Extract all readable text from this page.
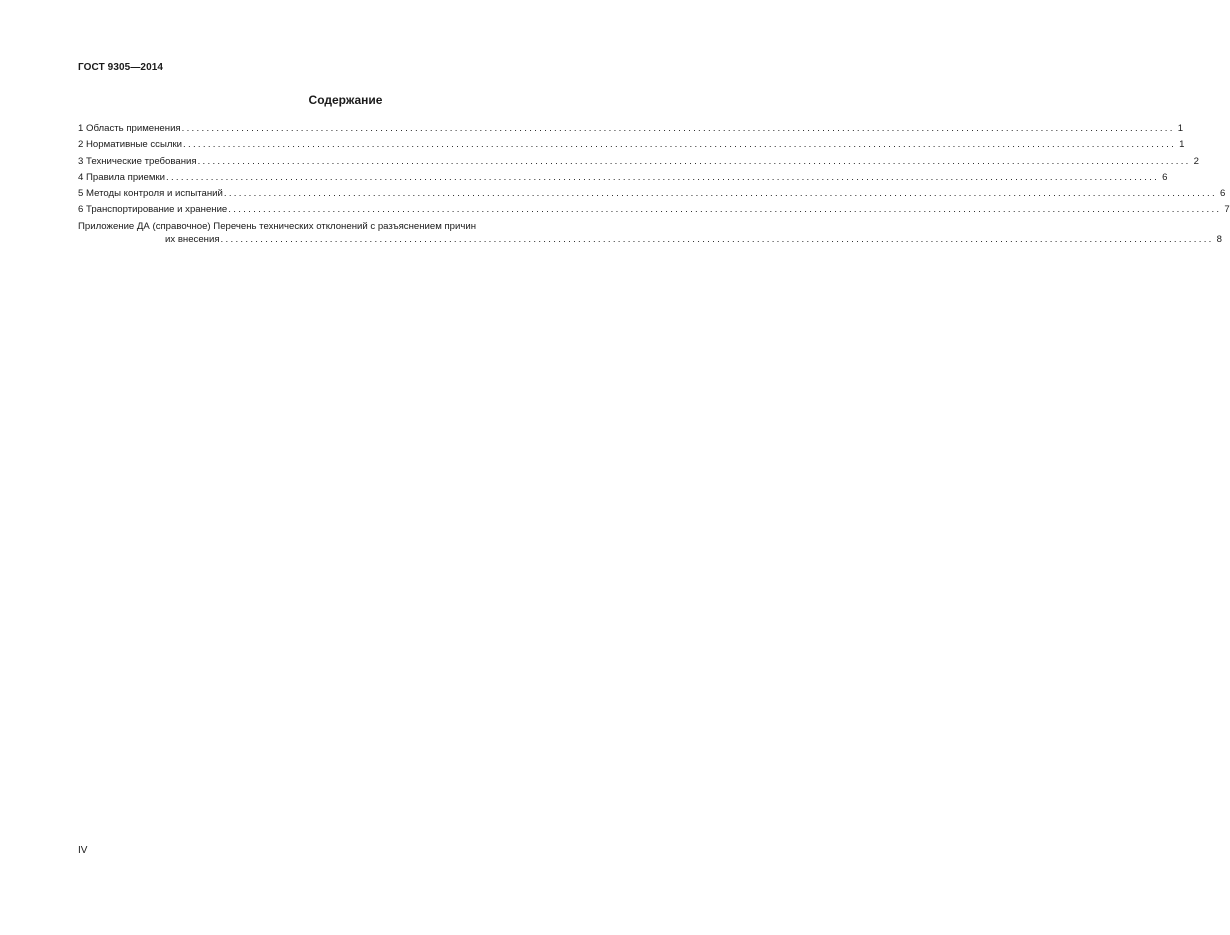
ГОСТ 9305—2014
Содержание
1 Область применения ........................................................................................................................................................................................................ 1
2 Нормативные ссылки ........................................................................................................................................................................................................ 1
3 Технические требования ........................................................................................................................................................................................................ 2
4 Правила приемки ........................................................................................................................................................................................................ 6
5 Методы контроля и испытаний ........................................................................................................................................................................................................ 6
6 Транспортирование и хранение ........................................................................................................................................................................................................ 7
Приложение ДА (справочное) Перечень технических отклонений с разъяснением причин
их внесения ........................................................................................................................................................................................................ 8
IV
